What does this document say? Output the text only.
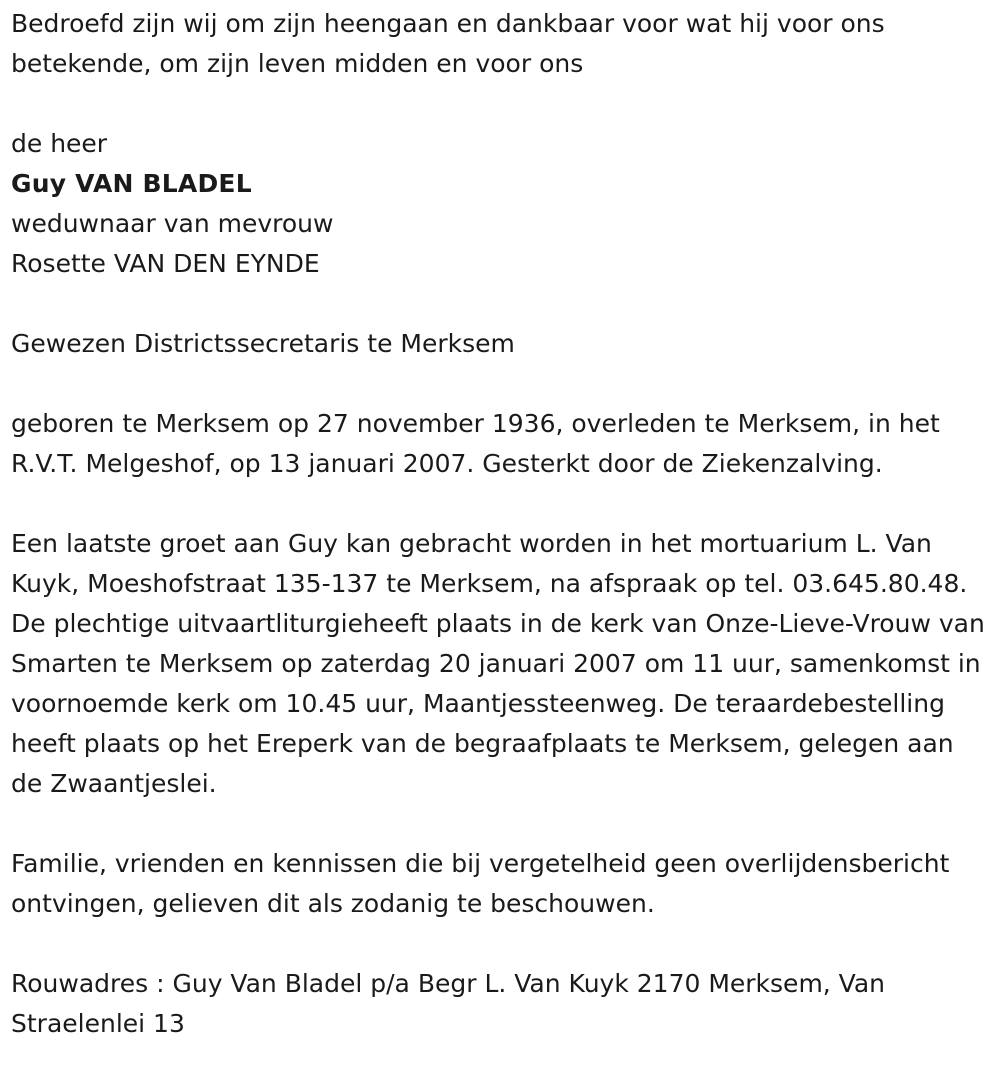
Bedroefd zijn wij om zijn heengaan en dankbaar voor wat hij voor ons betekende, om zijn leven midden en voor ons

de heer

Guy VAN BLADEL

weduwnaar van mevrouw

Rosette VAN DEN EYNDE

Gewezen Districtssecretaris te Merksem

geboren te Merksem op 27 november 1936, overleden te Merksem, in het R.V.T. Melgeshof, op 13 januari 2007. Gesterkt door de Ziekenzalving.

Een laatste groet aan Guy kan gebracht worden in het mortuarium L. Van Kuyk, Moeshofstraat 135-137 te Merksem, na afspraak op tel. 03.645.80.48. De plechtige uitvaartliturgieheeft plaats in de kerk van Onze-Lieve-Vrouw van Smarten te Merksem op zaterdag 20 januari 2007 om 11 uur, samenkomst in voornoemde kerk om 10.45 uur, Maantjessteenweg. De teraardebestelling heeft plaats op het Ereperk van de begraafplaats te Merksem, gelegen aan de Zwaantjeslei.

Familie, vrienden en kennissen die bij vergetelheid geen overlijdensbericht ontvingen, gelieven dit als zodanig te beschouwen.

Rouwadres : Guy Van Bladel p/a Begr L. Van Kuyk 2170 Merksem, Van Straelenlei 13
